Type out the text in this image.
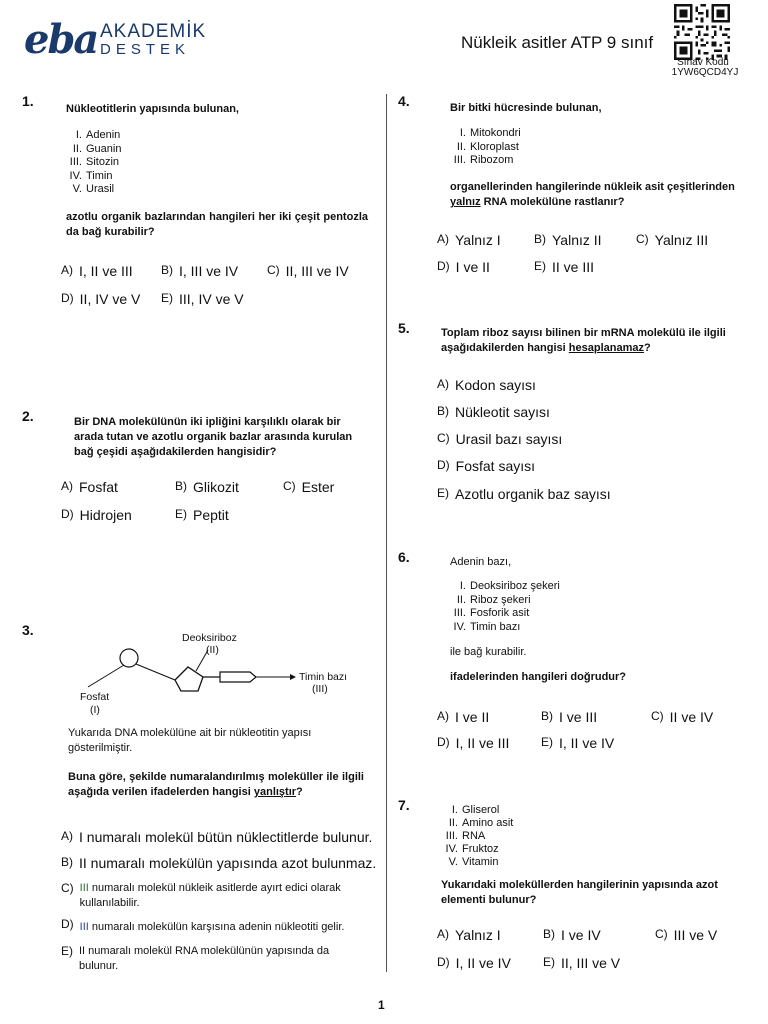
eba AKADEMİK
DESTEK	Nükleik asitler ATP 9 sınıf
Sınav Kodu
1YW6QCD4YJ
1.	Nükleotitlerin yapısında bulunan,
I. Adenin
II. Guanin
III. Sitozin
IV. Timin
V. Urasil
azotlu organik bazlarından hangileri her iki çeşit pentozla da bağ kurabilir?
A) I, II ve III B) I, III ve IV C) II, III ve IV
D) II, IV ve V E) III, IV ve V
2.	Bir DNA molekülünün iki ipliğini karşılıklı olarak bir arada tutan ve azotlu organik bazlar arasında kurulan bağ çeşidi aşağıdakilerden hangisidir?
A) Fosfat	B) Glikozit	C) Ester
D) Hidrojen	E) Peptit
3.	Deoksiriboz
(II)
Fosfat
(I)
Timin bazı
(III)
Yukarıda DNA molekülüne ait bir nükleotitin yapısı gösterilmiştir.
Buna göre, şekilde numaralandırılmış moleküller ile ilgili aşağıda verilen ifadelerden hangisi yanlıştır?
A) I numaralı molekül bütün nüklectitlerde bulunur.
B) II numaralı molekülün yapısında azot bulunmaz.
C) III numaralı molekül nükleik asitlerde ayırt edici olarak kullanılabilir.
D) III numaralı molekülün karşısına adenin nükleotiti gelir.
E) II numaralı molekül RNA molekülünün yapısında da bulunur.
4.	Bir bitki hücresinde bulunan,
I. Mitokondri
II. Kloroplast
III. Ribozom
organellerinden hangilerinde nükleik asit çeşitlerinden yalnız RNA molekülüne rastlanır?
A) Yalnız I	B) Yalnız II	C) Yalnız III
D) I ve II	E) II ve III
5.	Toplam riboz sayısı bilinen bir mRNA molekülü ile ilgili aşağıdakilerden hangisi hesaplanamaz?
A) Kodon sayısı
B) Nükleotit sayısı
C) Urasil bazı sayısı
D) Fosfat sayısı
E) Azotlu organik baz sayısı
6.	Adenin bazı,
I. Deoksiriboz şekeri
II. Riboz şekeri
III. Fosforik asit
IV. Timin bazı
ile bağ kurabilir.
ifadelerinden hangileri doğrudur?
A) I ve II	B) I ve III	C) II ve IV
D) I, II ve III	E) I, II ve IV
7.	I. Gliserol
II. Amino asit
III. RNA
IV. Fruktoz
V. Vitamin
Yukarıdaki moleküllerden hangilerinin yapısında azot elementi bulunur?
A) Yalnız I	B) I ve IV	C) III ve V
D) I, II ve IV	E) II, III ve V
1
